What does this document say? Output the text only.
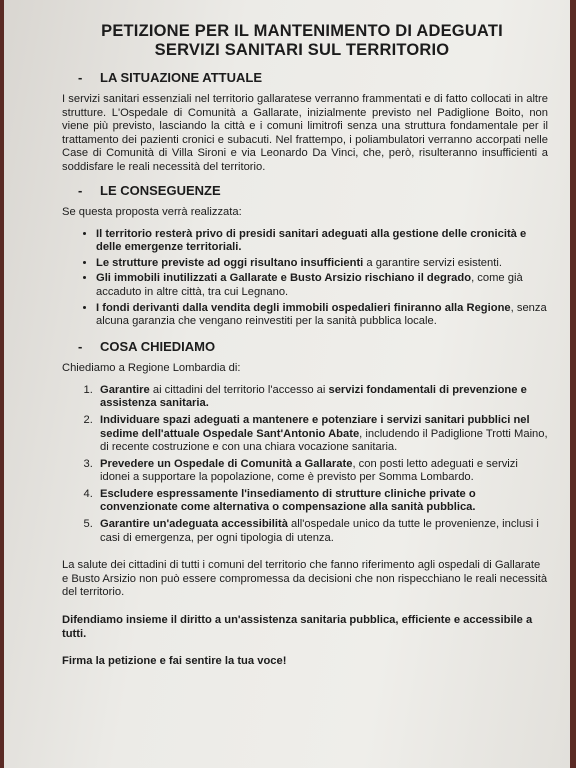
PETIZIONE PER IL MANTENIMENTO DI ADEGUATI
SERVIZI SANITARI SUL TERRITORIO
- LA SITUAZIONE ATTUALE

I servizi sanitari essenziali nel territorio gallaratese verranno frammentati e di fatto collocati in altre strutture. L'Ospedale di Comunità a Gallarate, inizialmente previsto nel Padiglione Boito, non viene più previsto, lasciando la città e i comuni limitrofi senza una struttura fondamentale per il trattamento dei pazienti cronici e subacuti. Nel frattempo, i poliambulatori verranno accorpati nelle Case di Comunità di Villa Sironi e via Leonardo Da Vinci, che, però, risulteranno insufficienti a soddisfare le reali necessità del territorio.

- LE CONSEGUENZE

Se questa proposta verrà realizzata:

• Il territorio resterà privo di presidi sanitari adeguati alla gestione delle cronicità e delle emergenze territoriali.
• Le strutture previste ad oggi risultano insufficienti a garantire servizi esistenti.
• Gli immobili inutilizzati a Gallarate e Busto Arsizio rischiano il degrado, come già accaduto in altre città, tra cui Legnano.
• I fondi derivanti dalla vendita degli immobili ospedalieri finiranno alla Regione, senza alcuna garanzia che vengano reinvestiti per la sanità pubblica locale.
- COSA CHIEDIAMO

Chiediamo a Regione Lombardia di:

1. Garantire ai cittadini del territorio l'accesso ai servizi fondamentali di prevenzione e assistenza sanitaria.
2. Individuare spazi adeguati a mantenere e potenziare i servizi sanitari pubblici nel sedime dell'attuale Ospedale Sant'Antonio Abate, includendo il Padiglione Trotti Maino, di recente costruzione e con una chiara vocazione sanitaria.
3. Prevedere un Ospedale di Comunità a Gallarate, con posti letto adeguati e servizi idonei a supportare la popolazione, come è previsto per Somma Lombardo.
4. Escludere espressamente l'insediamento di strutture cliniche private o convenzionate come alternativa o compensazione alla sanità pubblica.
5. Garantire un'adeguata accessibilità all'ospedale unico da tutte le provenienze, inclusi i casi di emergenza, per ogni tipologia di utenza.

La salute dei cittadini di tutti i comuni del territorio che fanno riferimento agli ospedali di Gallarate e Busto Arsizio non può essere compromessa da decisioni che non rispecchiano le reali necessità del territorio.

Difendiamo insieme il diritto a un'assistenza sanitaria pubblica, efficiente e accessibile a tutti.

Firma la petizione e fai sentire la tua voce!
